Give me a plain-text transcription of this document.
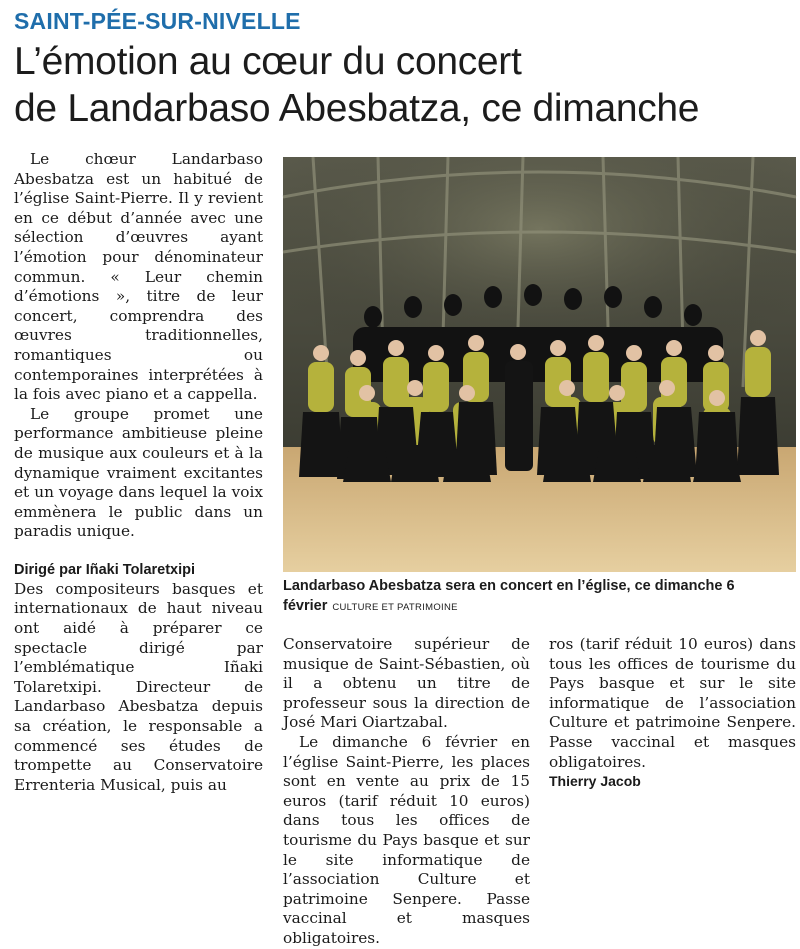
SAINT-PÉE-SUR-NIVELLE
L’émotion au cœur du concert
de Landarbaso Abesbatza, ce dimanche

Le chœur Landarbaso Abesbatza est un habitué de l’église Saint-Pierre. Il y revient en ce début d’année avec une sélection d’œuvres ayant l’émotion pour dénominateur commun. « Leur chemin d’émotions », titre de leur concert, comprendra des œuvres traditionnelles, romantiques ou contemporaines interprétées à la fois avec piano et a cappella.

Le groupe promet une performance ambitieuse pleine de musique aux couleurs et à la dynamique vraiment excitantes et un voyage dans lequel la voix emmènera le public dans un paradis unique.

Dirigé par Iñaki Tolaretxipi

Des compositeurs basques et internationaux de haut niveau ont aidé à préparer ce spectacle dirigé par l’emblématique Iñaki Tolaretxipi. Directeur de Landarbaso Abesbatza depuis sa création, le responsable a commencé ses études de trompette au Conservatoire Errenteria Musical, puis au

Landarbaso Abesbatza sera en concert en l’église, ce dimanche 6 février CULTURE ET PATRIMOINE

Conservatoire supérieur de musique de Saint-Sébastien, où il a obtenu un titre de professeur sous la direction de José Mari Oiartzabal.

Le dimanche 6 février en l’église Saint-Pierre, les places sont en vente au prix de 15 euros (tarif réduit 10 euros) dans tous les offices de tourisme du Pays basque et sur le site informatique de l’association Culture et patrimoine Senpere. Passe vaccinal et masques obligatoires.

ros (tarif réduit 10 euros) dans tous les offices de tourisme du Pays basque et sur le site informatique de l’association Culture et patrimoine Senpere. Passe vaccinal et masques obligatoires.

Thierry Jacob
